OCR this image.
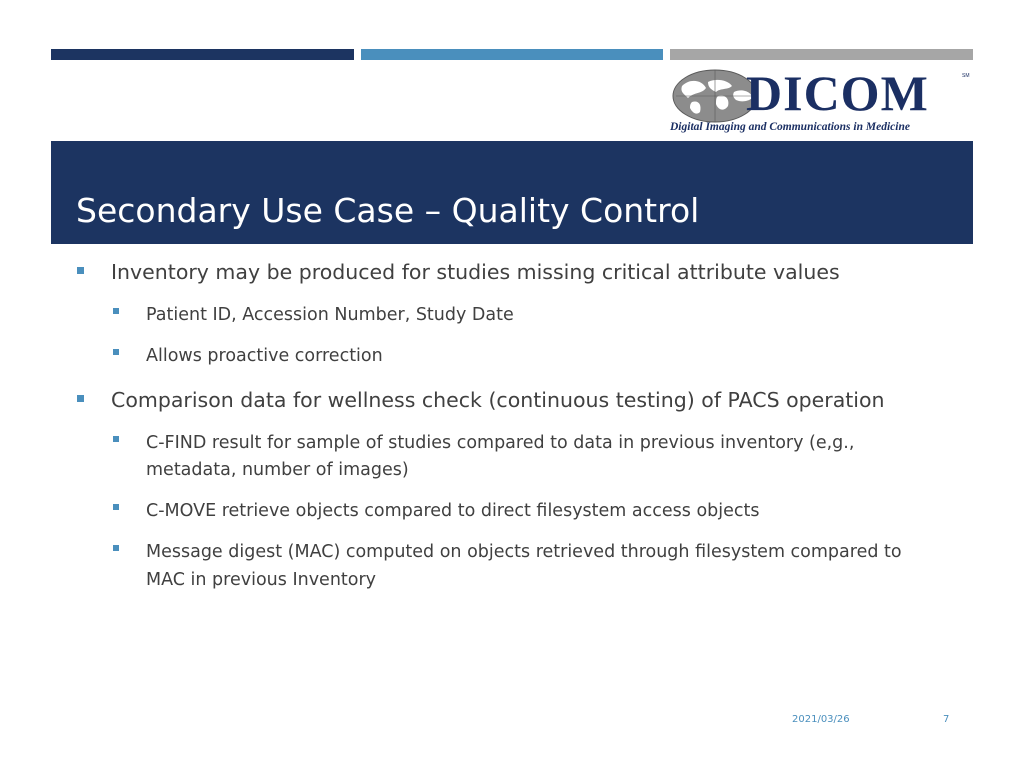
DICOM	SM
Digital Imaging and Communications in Medicine
Secondary Use Case – Quality Control
Inventory may be produced for studies missing critical attribute values
Patient ID, Accession Number, Study Date
Allows proactive correction
Comparison data for wellness check (continuous testing) of PACS operation
C-FIND result for sample of studies compared to data in previous inventory (e,g.,
metadata, number of images)
C-MOVE retrieve objects compared to direct filesystem access objects
Message digest (MAC) computed on objects retrieved through filesystem compared to
MAC in previous Inventory
2021/03/26	7
